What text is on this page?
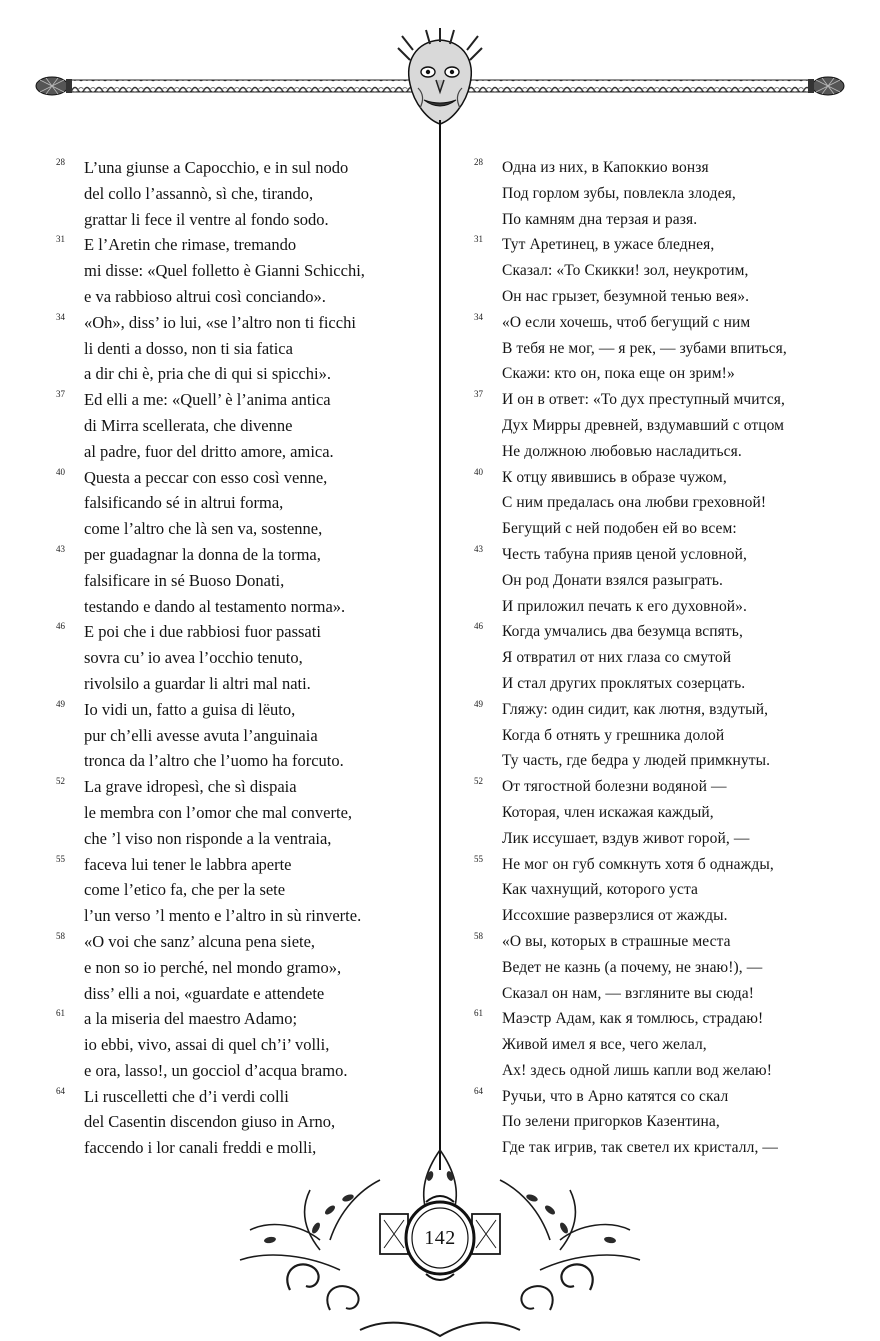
28	L’una giunse a Capocchio, e in sul nodo
del collo l’assannò, sì che, tirando,
grattar li fece il ventre al fondo sodo.
31	E l’Aretin che rimase, tremando
mi disse: «Quel folletto è Gianni Schicchi,
e va rabbioso altrui così conciando».
34	«Oh», diss’ io lui, «se l’altro non ti ficchi
li denti a dosso, non ti sia fatica
a dir chi è, pria che di qui si spicchi».
37	Ed elli a me: «Quell’ è l’anima antica
di Mirra scellerata, che divenne
al padre, fuor del dritto amore, amica.
40	Questa a peccar con esso così venne,
falsificando sé in altrui forma,
come l’altro che là sen va, sostenne,
43	per guadagnar la donna de la torma,
falsificare in sé Buoso Donati,
testando e dando al testamento norma».
46	E poi che i due rabbiosi fuor passati
sovra cu’ io avea l’occhio tenuto,
rivolsilo a guardar li altri mal nati.
49	Io vidi un, fatto a guisa di lëuto,
pur ch’elli avesse avuta l’anguinaia
tronca da l’altro che l’uomo ha forcuto.
52	La grave idropesì, che sì dispaia
le membra con l’omor che mal converte,
che ’l viso non risponde a la ventraia,
55	faceva lui tener le labbra aperte
come l’etico fa, che per la sete
l’un verso ’l mento e l’altro in sù rinverte.
58	«O voi che sanz’ alcuna pena siete,
e non so io perché, nel mondo gramo»,
diss’ elli a noi, «guardate e attendete
61	a la miseria del maestro Adamo;
io ebbi, vivo, assai di quel ch’i’ volli,
e ora, lasso!, un gocciol d’acqua bramo.
64	Li ruscelletti che d’i verdi colli
del Casentin discendon giuso in Arno,
faccendo i lor canali freddi e molli,
28	Одна из них, в Капоккио вонзя
Под горлом зубы, повлекла злодея,
По камням дна терзая и разя.
31	Тут Аретинец, в ужасе бледнея,
Сказал: «То Скикки! зол, неукротим,
Он нас грызет, безумной тенью вея».
34	«О если хочешь, чтоб бегущий с ним
В тебя не мог, — я рек, — зубами впиться,
Скажи: кто он, пока еще он зрим!»
37	И он в ответ: «То дух преступный мчится,
Дух Мирры древней, вздумавший с отцом
Не должною любовью насладиться.
40	К отцу явившись в образе чужом,
С ним предалась она любви греховной!
Бегущий с ней подобен ей во всем:
43	Честь табуна прияв ценой условной,
Он род Донати взялся разыграть.
И приложил печать к его духовной».
46	Когда умчались два безумца вспять,
Я отвратил от них глаза со смутой
И стал других проклятых созерцать.
49	Гляжу: один сидит, как лютня, вздутый,
Когда б отнять у грешника долой
Ту часть, где бедра у людей примкнуты.
52	От тягостной болезни водяной —
Которая, член искажая каждый,
Лик иссушает, вздув живот горой, —
55	Не мог он губ сомкнуть хотя б однажды,
Как чахнущий, которого уста
Иссохшие разверзлися от жажды.
58	«О вы, которых в страшные места
Ведет не казнь (а почему, не знаю!), —
Сказал он нам, — взгляните вы сюда!
61	Маэстр Адам, как я томлюсь, страдаю!
Живой имел я все, чего желал,
Ах! здесь одной лишь капли вод желаю!
64	Ручьи, что в Арно катятся со скал
По зелени пригорков Казентина,
Где так игрив, так светел их кристалл, —
142
